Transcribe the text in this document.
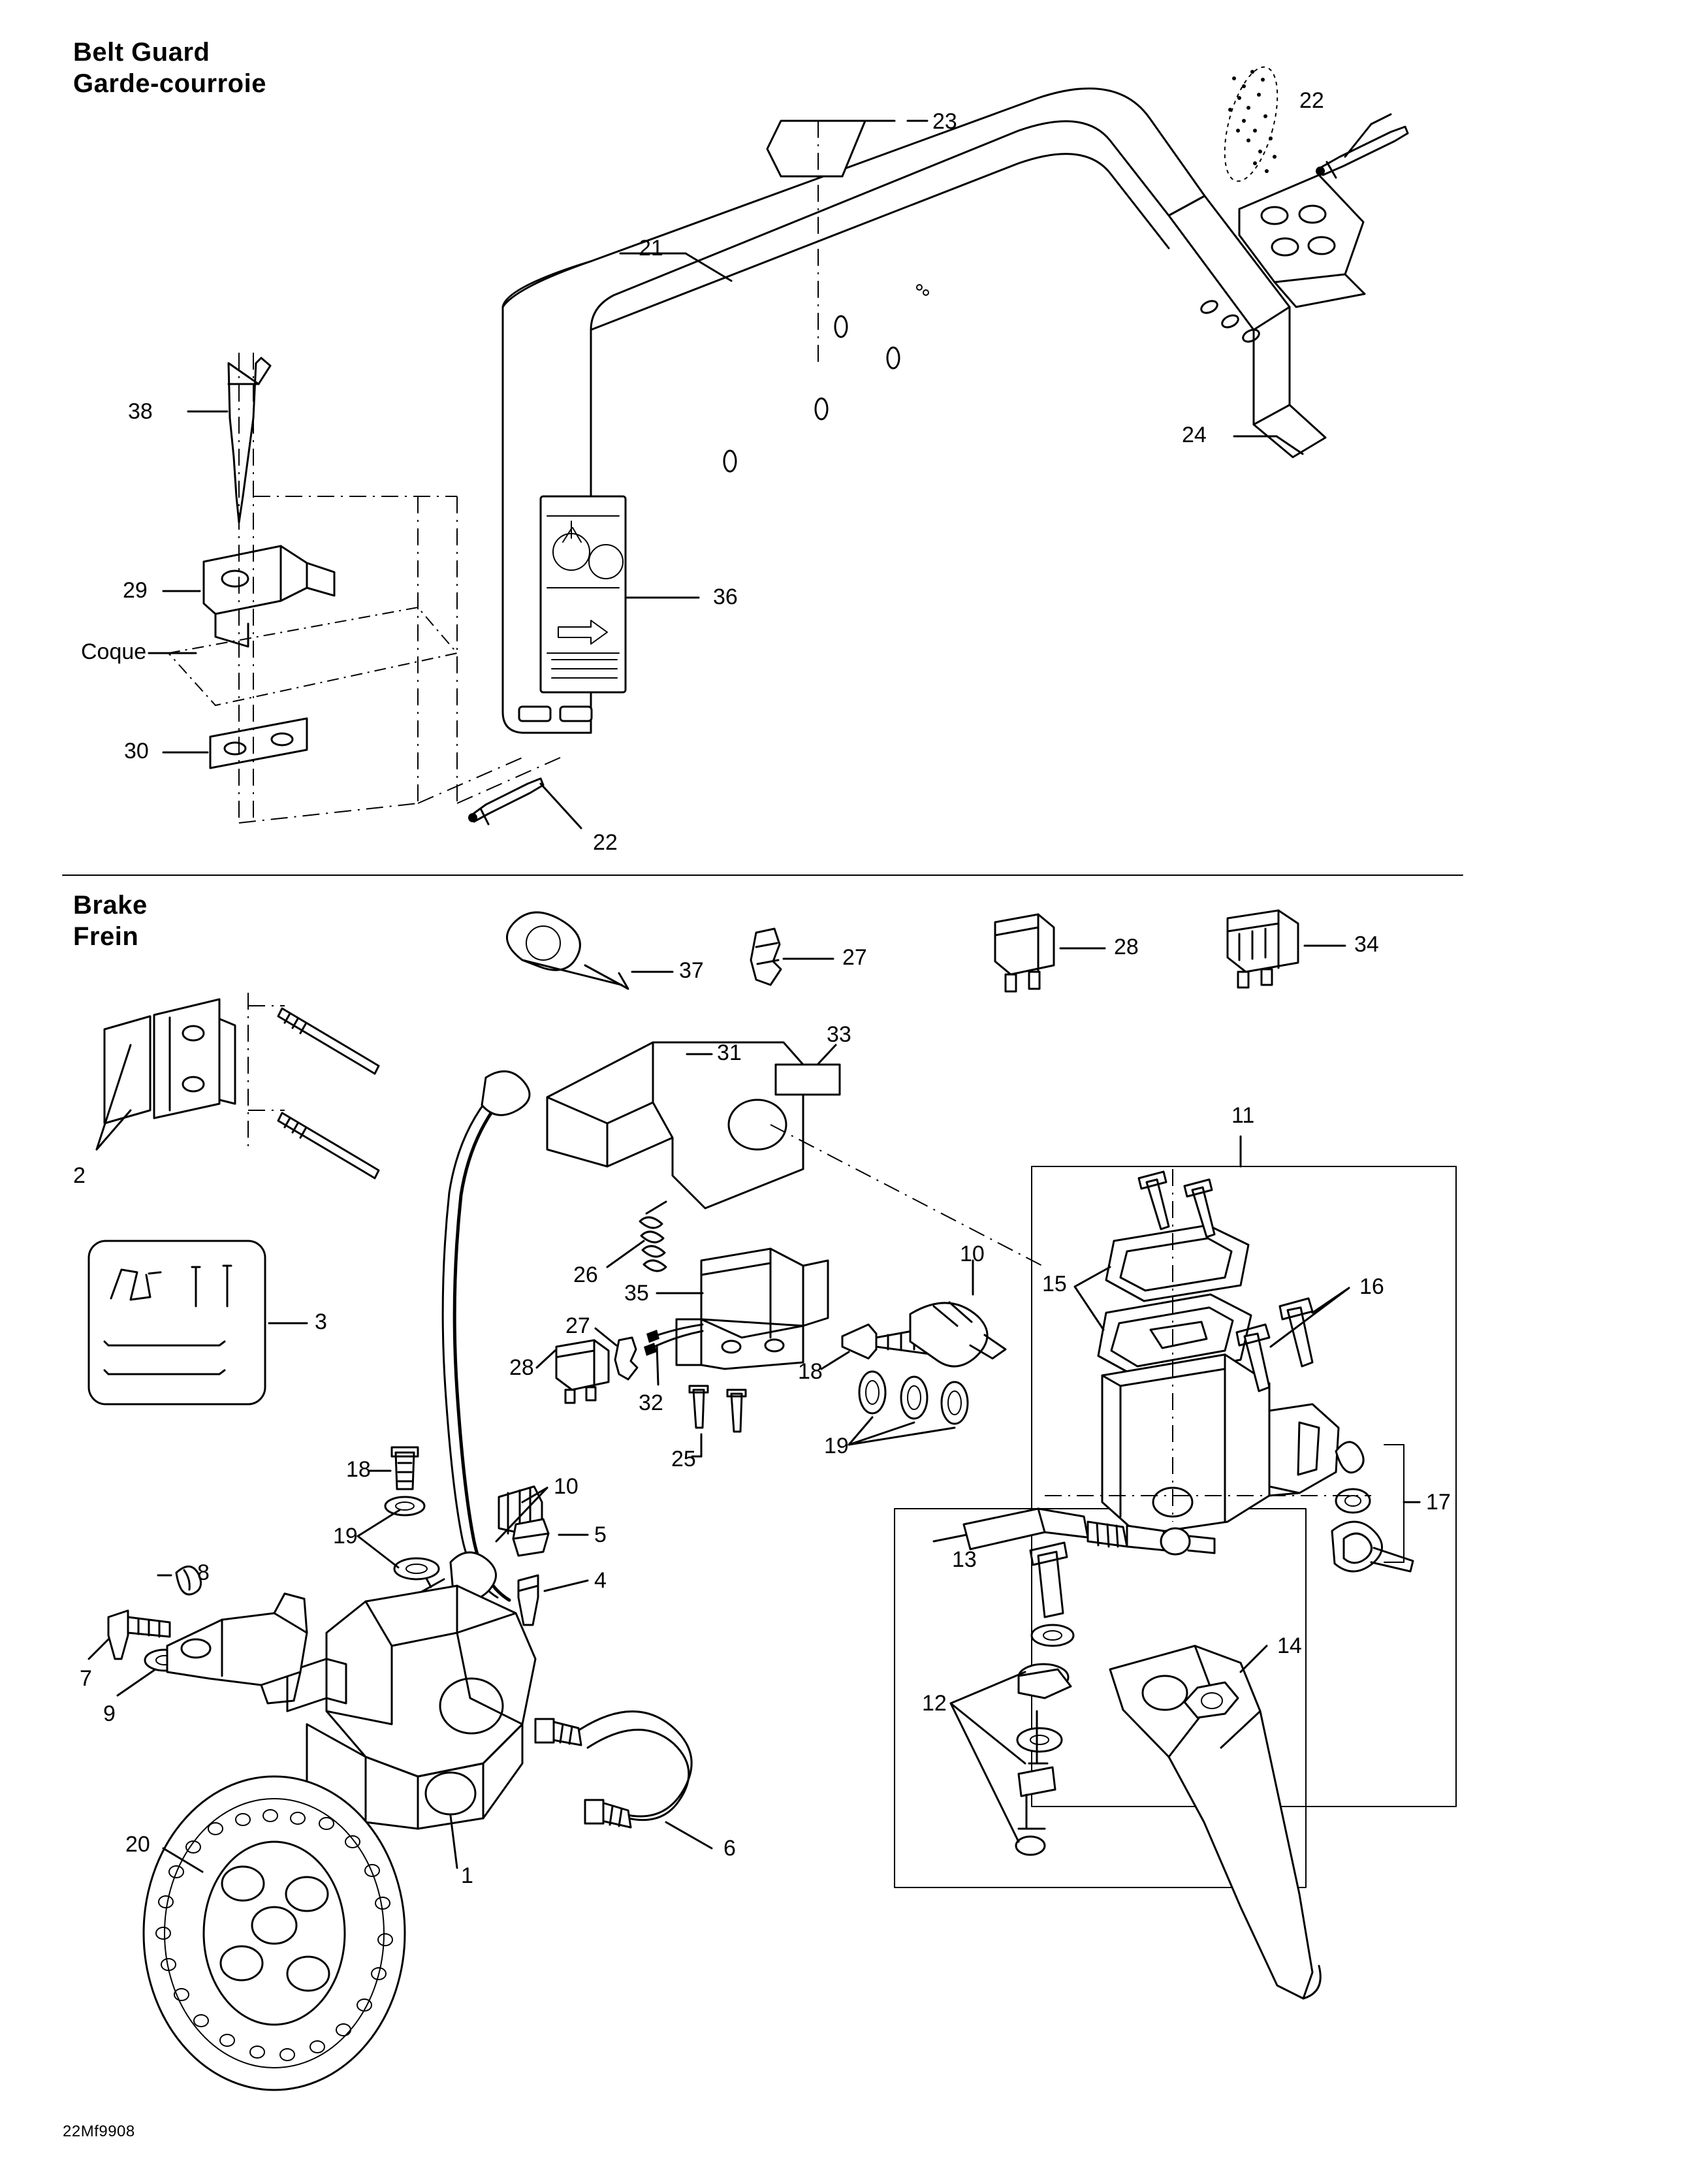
Belt Guard
Garde-courroie
23
22
21
24
38
29
Coque
30
36
22
Brake
Frein
37
27	28	34
31
33
11
2
26
35	15	16
3
28
27
32
25
18
19
10
18
10
19
13
17
8
5
4
7
9
14
12
20
1
6
22Mf9908
